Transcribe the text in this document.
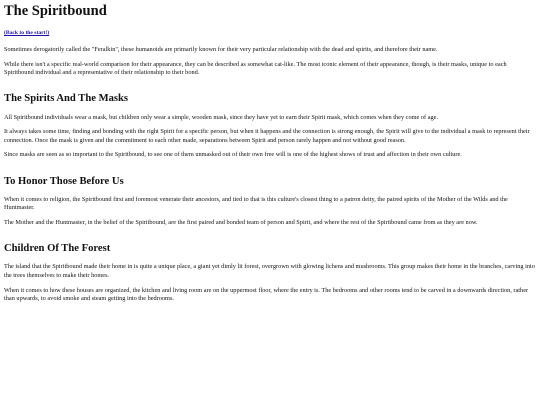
The Spiritbound
(Back to the start!)

Sometimes derogatorily called the "Feralkin", these humanoids are primarily known for their very particular relationship with the dead and spirits, and therefore their name.

While there isn't a specific real-world comparison for their appearance, they can be described as somewhat cat-like. The most iconic element of their appearance, though, is their masks, unique to each Spiritbound individual and a representative of their relationship to their bond.

The Spirits And The Masks

All Spiritbound individuals wear a mask, but children only wear a simple, wooden mask, since they have yet to earn their Spirit mask, which comes when they come of age.

It always takes some time, finding and bonding with the right Spirit for a specific person, but when it happens and the connection is strong enough, the Spirit will give to the individual a mask to represent their connection. Once the mask is given and the commitment to each other made, separations between Spirit and person rarely happen and not without good reason.

Since masks are seen as so important to the Spiritbound, to see one of them unmasked out of their own free will is one of the highest shows of trust and affection in their own culture.

To Honor Those Before Us

When it comes to religion, the Spiritbound first and foremost venerate their ancestors, and tied to that is this culture's closest thing to a patron deity, the paired spirits of the Mother of the Wilds and the Huntmaster.

The Mother and the Huntmaster, in the belief of the Spiritbound, are the first paired and bonded team of person and Spirit, and where the rest of the Spiritbound came from as they are now.

Children Of The Forest

The island that the Spiritbound made their home in is quite a unique place, a giant yet dimly lit forest, overgrown with glowing lichens and mushrooms. This group makes their home in the branches, carving into the trees themselves to make their homes.

When it comes to how these houses are organized, the kitchen and living room are on the uppermost floor, where the entry is. The bedrooms and other rooms tend to be carved in a downwards direction, rather than upwards, to avoid smoke and steam getting into the bedrooms.
